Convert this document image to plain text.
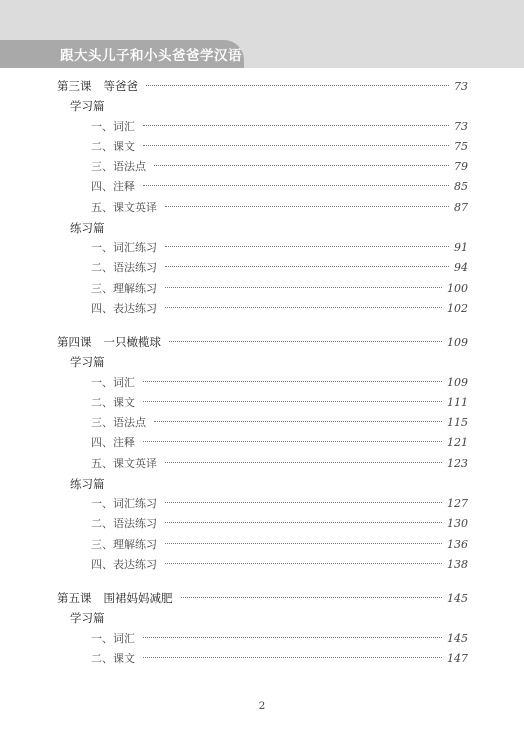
跟大头儿子和小头爸爸学汉语
第三课 等爸爸	73
学习篇
一、词汇	73
二、课文	75
三、语法点	79
四、注释	85
五、课文英译	87
练习篇
一、词汇练习	91
二、语法练习	94
三、理解练习	100
四、表达练习	102
第四课 一只橄榄球	109
学习篇
一、词汇	109
二、课文	111
三、语法点	115
四、注释	121
五、课文英译	123
练习篇
一、词汇练习	127
二、语法练习	130
三、理解练习	136
四、表达练习	138
第五课 围裙妈妈减肥	145
学习篇
一、词汇	145
二、课文	147
2
